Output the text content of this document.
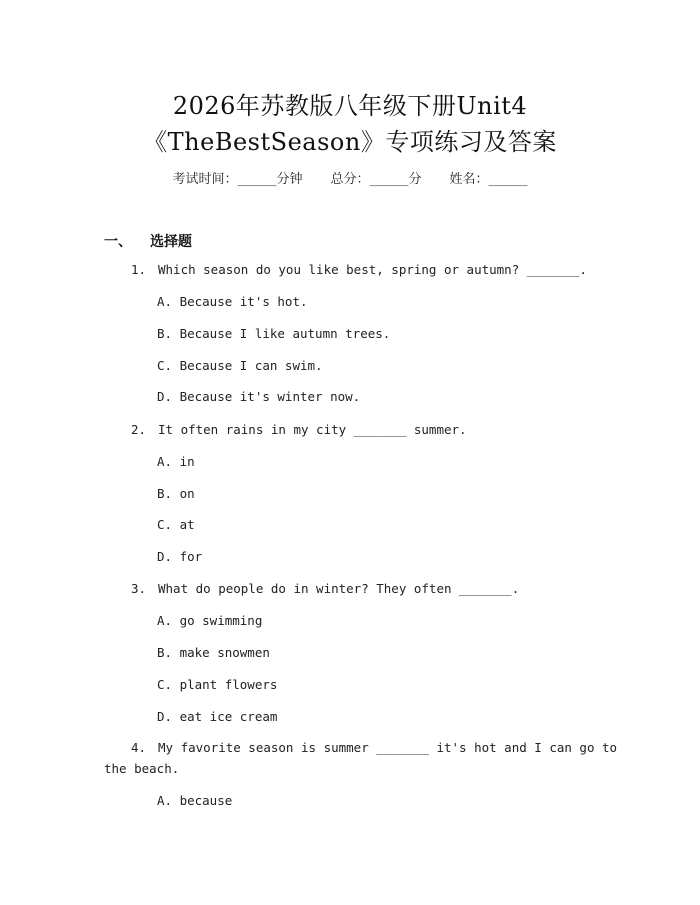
2026年苏教版八年级下册Unit4
《TheBestSeason》专项练习及答案
考试时间：______分钟 总分：______分 姓名：______
一、 选择题
1. Which season do you like best, spring or autumn? _______.
A. Because it's hot.
B. Because I like autumn trees.
C. Because I can swim.
D. Because it's winter now.
2. It often rains in my city _______ summer.
A. in
B. on
C. at
D. for
3. What do people do in winter? They often _______.
A. go swimming
B. make snowmen
C. plant flowers
D. eat ice cream
4. My favorite season is summer _______ it's hot and I can go to
the beach.
A. because
